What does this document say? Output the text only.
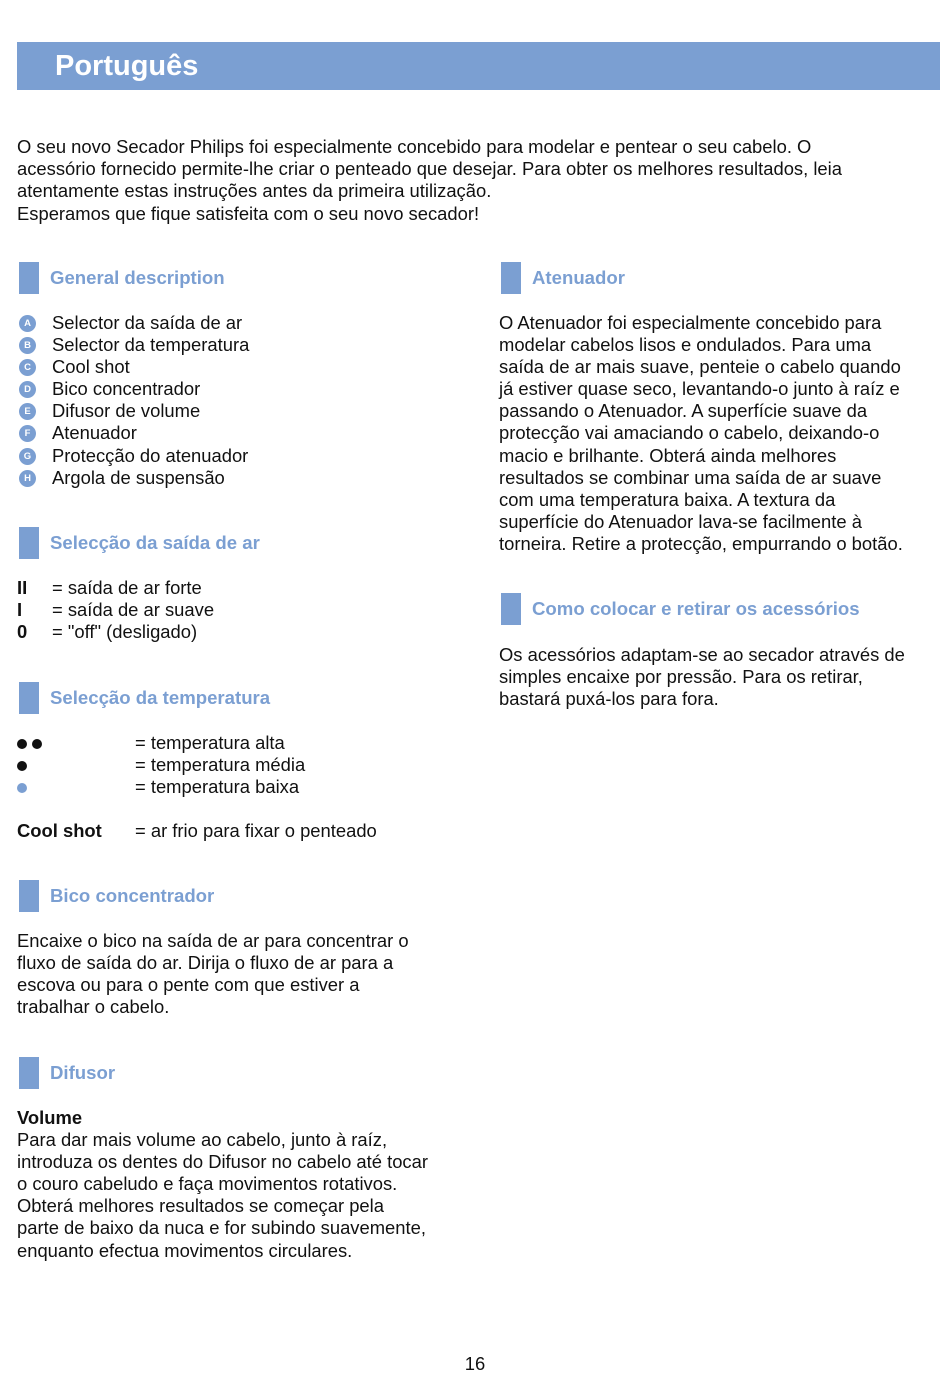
Português

O seu novo Secador Philips foi especialmente concebido para modelar e pentear o seu cabelo. O

acessório fornecido permite-lhe criar o penteado que desejar. Para obter os melhores resultados, leia

atentamente estas instruções antes da primeira utilização.

Esperamos que fique satisfeita com o seu novo secador!

General description
A Selector da saída de ar
B Selector da temperatura
C Cool shot
D Bico concentrador
E Difusor de volume
F	Atenuador
G Protecção do atenuador
H Argola de suspensão
Selecção da saída de ar
II = saída de ar forte
I = saída de ar suave
0 = "off" (desligado)
Selecção da temperatura
= temperatura alta
= temperatura média
= temperatura baixa
Cool shot = ar frio para fixar o penteado
Bico concentrador

Encaixe o bico na saída de ar para concentrar o

fluxo de saída do ar. Dirija o fluxo de ar para a

escova ou para o pente com que estiver a

trabalhar o cabelo.

Difusor

Volume

Para dar mais volume ao cabelo, junto à raíz,

introduza os dentes do Difusor no cabelo até tocar

o couro cabeludo e faça movimentos rotativos.

Obterá melhores resultados se começar pela

parte de baixo da nuca e for subindo suavemente,

enquanto efectua movimentos circulares.

Atenuador

O Atenuador foi especialmente concebido para

modelar cabelos lisos e ondulados. Para uma

saída de ar mais suave, penteie o cabelo quando

já estiver quase seco, levantando-o junto à raíz e

passando o Atenuador. A superfície suave da

protecção vai amaciando o cabelo, deixando-o

macio e brilhante. Obterá ainda melhores

resultados se combinar uma saída de ar suave

com uma temperatura baixa. A textura da

superfície do Atenuador lava-se facilmente à

torneira. Retire a protecção, empurrando o botão.

Como colocar e retirar os acessórios

Os acessórios adaptam-se ao secador através de

simples encaixe por pressão. Para os retirar,

bastará puxá-los para fora.

16
